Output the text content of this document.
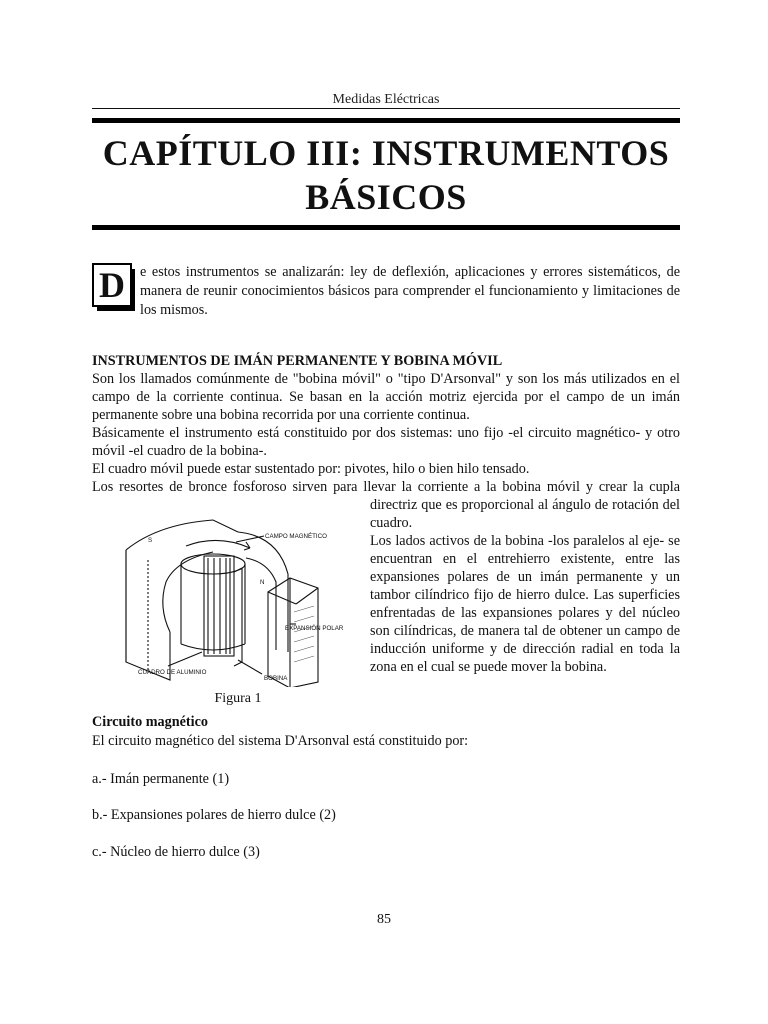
Medidas Eléctricas
CAPÍTULO III: INSTRUMENTOS
BÁSICOS
D	e estos instrumentos se analizarán: ley de deflexión, aplicaciones y errores sistemáticos, de manera de reunir conocimientos básicos para comprender el funcionamiento y limitaciones de los mismos.
INSTRUMENTOS DE IMÁN PERMANENTE Y BOBINA MÓVIL

Son los llamados comúnmente de "bobina móvil" o "tipo D'Arsonval" y son los más utilizados en el campo de la corriente continua. Se basan en la acción motriz ejercida por el campo de un imán permanente sobre una bobina recorrida por una corriente continua.

Básicamente el instrumento está constituido por dos sistemas: uno fijo -el circuito magnético- y otro móvil -el cuadro de la bobina-.

El cuadro móvil puede estar sustentado por: pivotes, hilo o bien hilo tensado.

Los resortes de bronce fosforoso sirven para llevar la corriente a la bobina móvil y crear la cupla

directriz que es proporcional al ángulo de rotación del cuadro.

Los lados activos de la bobina -los paralelos al eje- se encuentran en el entrehierro existente, entre las expansiones polares de un imán permanente y un tambor cilíndrico fijo de hierro dulce. Las superficies enfrentadas de las expansiones polares y del núcleo son cilíndricas, de manera tal de obtener un campo de inducción uniforme y de dirección radial en toda la zona en el cual se puede mover la bobina.

S
N
CAMPO MAGNÉTICO
EXPANSIÓN POLAR
CUADRO DE ALUMINIO
BOBINA
Figura 1
Circuito magnético
El circuito magnético del sistema D'Arsonval está constituido por:
a.- Imán permanente (1)
b.- Expansiones polares de hierro dulce (2)
c.- Núcleo de hierro dulce (3)
85
